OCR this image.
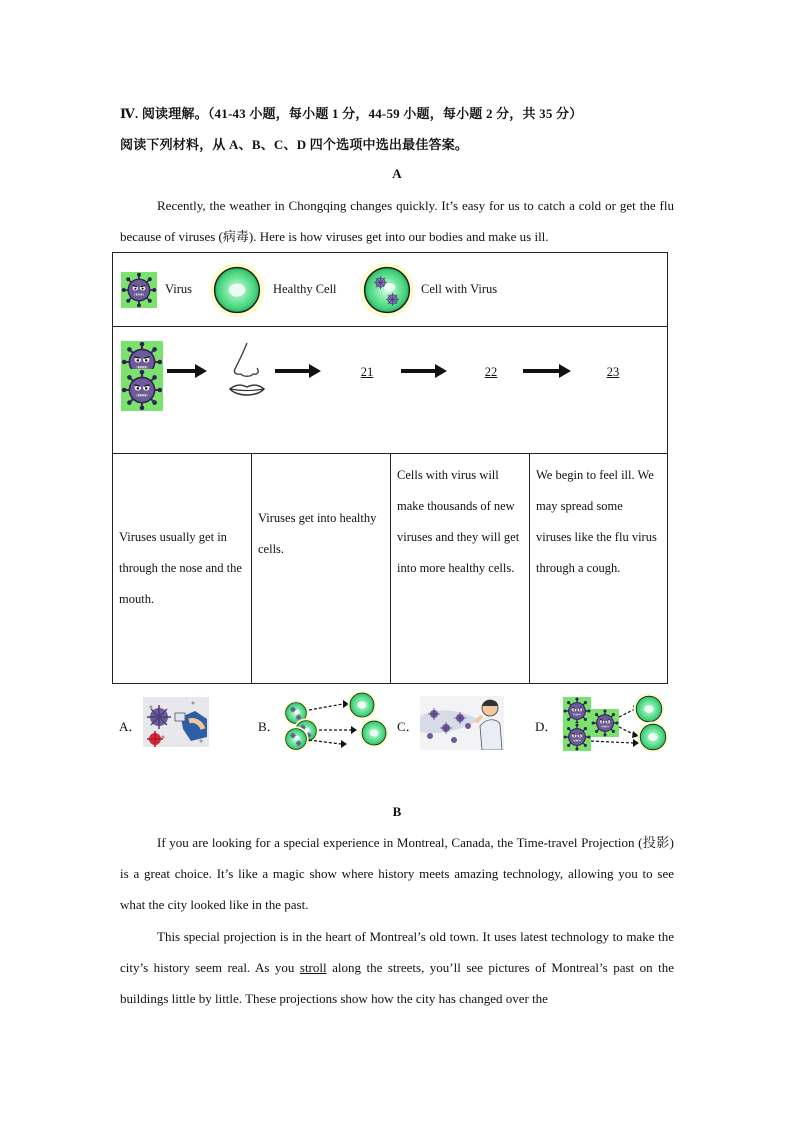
Ⅳ. 阅读理解。（41-43 小题，每小题 1 分，44-59 小题，每小题 2 分，共 35 分）
阅读下列材料，从 A、B、C、D 四个选项中选出最佳答案。
A
Recently, the weather in Chongqing changes quickly. It’s easy for us to catch a cold or get the flu because of viruses (病毒). Here is how viruses get into our bodies and make us ill.
Virus	Healthy Cell	Cell with Virus

21	22	23

Viruses usually get in through the nose and the mouth.

Viruses get into healthy cells.

Cells with virus will make thousands of new viruses and they will get into more healthy cells.

We begin to feel ill. We may spread some viruses like the flu virus through a cough.
A．	B．	C．	D．
B
If you are looking for a special experience in Montreal, Canada, the Time-travel Projection (投影) is a great choice. It’s like a magic show where history meets amazing technology, allowing you to see what the city looked like in the past.
This special projection is in the heart of Montreal’s old town. It uses latest technology to make the city’s history seem real. As you stroll along the streets, you’ll see pictures of Montreal’s past on the buildings little by little. These projections show how the city has changed over the
